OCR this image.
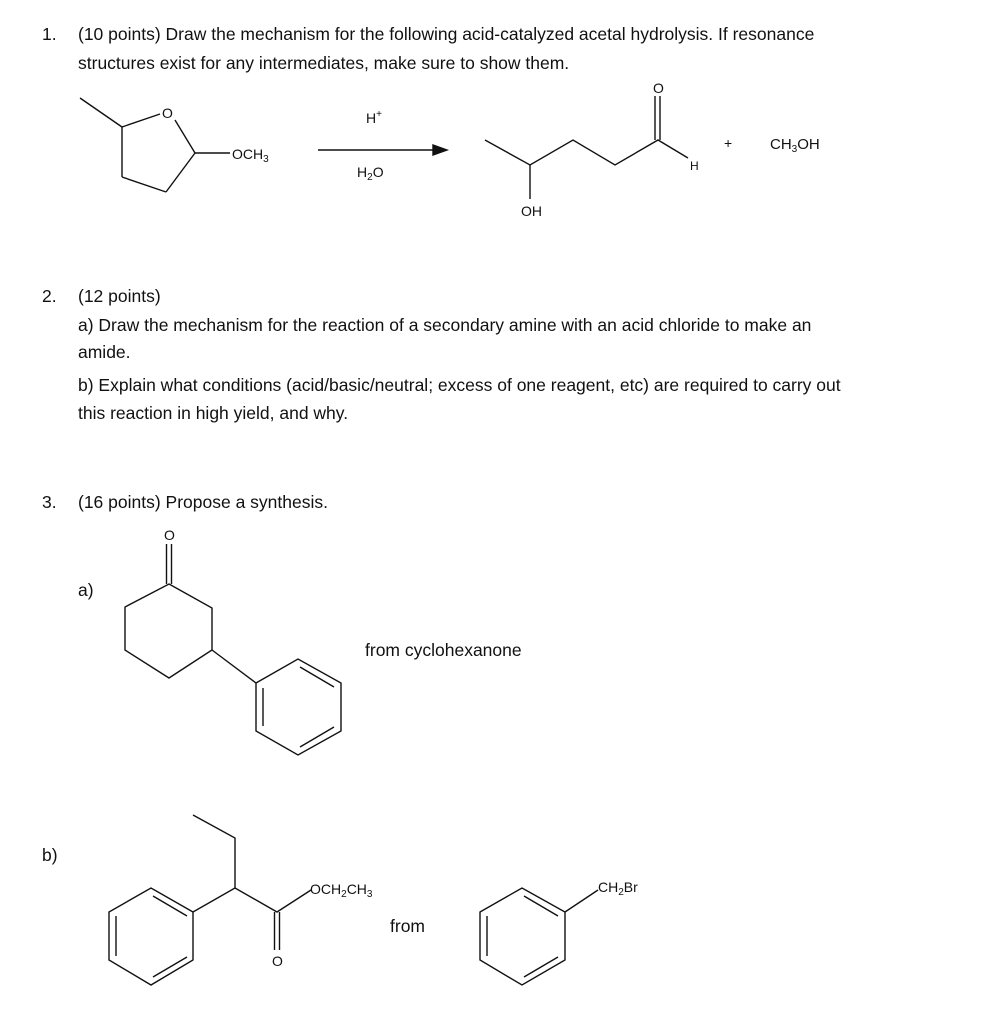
1. (10 points) Draw the mechanism for the following acid-catalyzed acetal hydrolysis. If resonance
structures exist for any intermediates, make sure to show them.
O
$OCH_3$
H+
$H_2O$
O
H
OH
+	$CH_3OH$
2. (12 points)
a) Draw the mechanism for the reaction of a secondary amine with an acid chloride to make an
amide.
b) Explain what conditions (acid/basic/neutral; excess of one reagent, etc) are required to carry out
this reaction in high yield, and why.
3. (16 points) Propose a synthesis.
a)
O
from cyclohexanone
b)
O
$OCH_2CH_3$
from
$CH_2Br$
